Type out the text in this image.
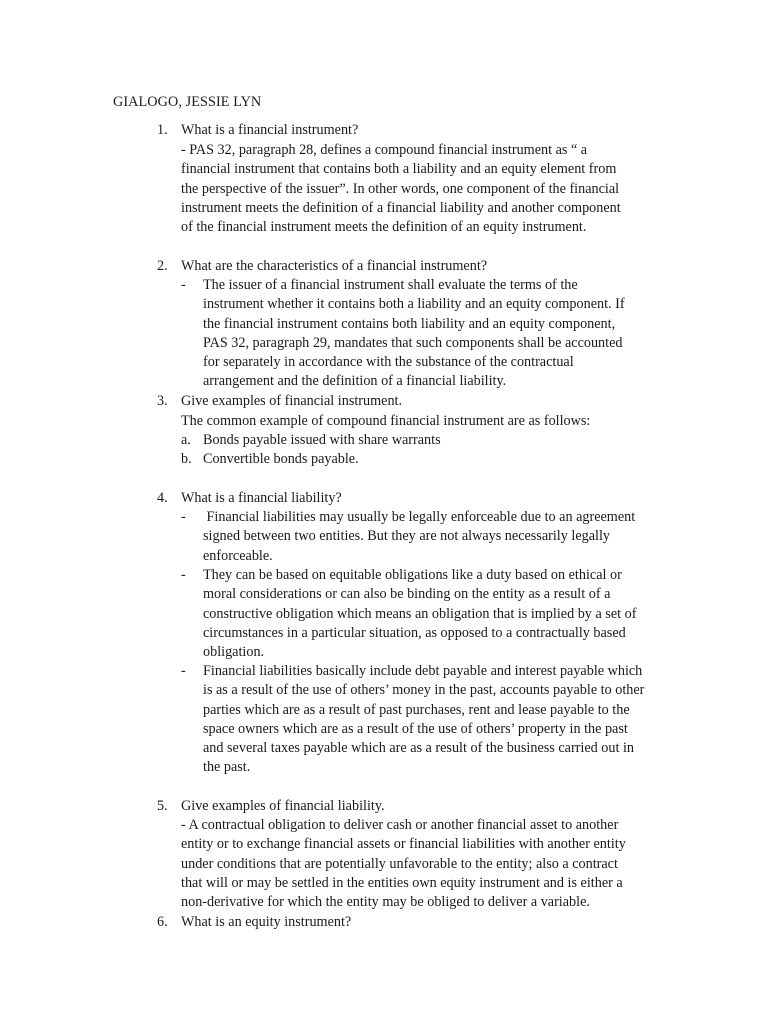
GIALOGO, JESSIE LYN
1. What is a financial instrument?
- PAS 32, paragraph 28, defines a compound financial instrument as “ a
financial instrument that contains both a liability and an equity element from
the perspective of the issuer”. In other words, one component of the financial
instrument meets the definition of a financial liability and another component
of the financial instrument meets the definition of an equity instrument.
2. What are the characteristics of a financial instrument?
-	The issuer of a financial instrument shall evaluate the terms of the
instrument whether it contains both a liability and an equity component. If
the financial instrument contains both liability and an equity component,
PAS 32, paragraph 29, mandates that such components shall be accounted
for separately in accordance with the substance of the contractual
arrangement and the definition of a financial liability.
3. Give examples of financial instrument.
The common example of compound financial instrument are as follows:
a. Bonds payable issued with share warrants
b. Convertible bonds payable.
4. What is a financial liability?
-	Financial liabilities may usually be legally enforceable due to an agreement
signed between two entities. But they are not always necessarily legally
enforceable.
-	They can be based on equitable obligations like a duty based on ethical or
moral considerations or can also be binding on the entity as a result of a
constructive obligation which means an obligation that is implied by a set of
circumstances in a particular situation, as opposed to a contractually based
obligation.
-	Financial liabilities basically include debt payable and interest payable which
is as a result of the use of others’ money in the past, accounts payable to other
parties which are as a result of past purchases, rent and lease payable to the
space owners which are as a result of the use of others’ property in the past
and several taxes payable which are as a result of the business carried out in
the past.
5. Give examples of financial liability.
- A contractual obligation to deliver cash or another financial asset to another
entity or to exchange financial assets or financial liabilities with another entity
under conditions that are potentially unfavorable to the entity; also a contract
that will or may be settled in the entities own equity instrument and is either a
non-derivative for which the entity may be obliged to deliver a variable.
6. What is an equity instrument?
